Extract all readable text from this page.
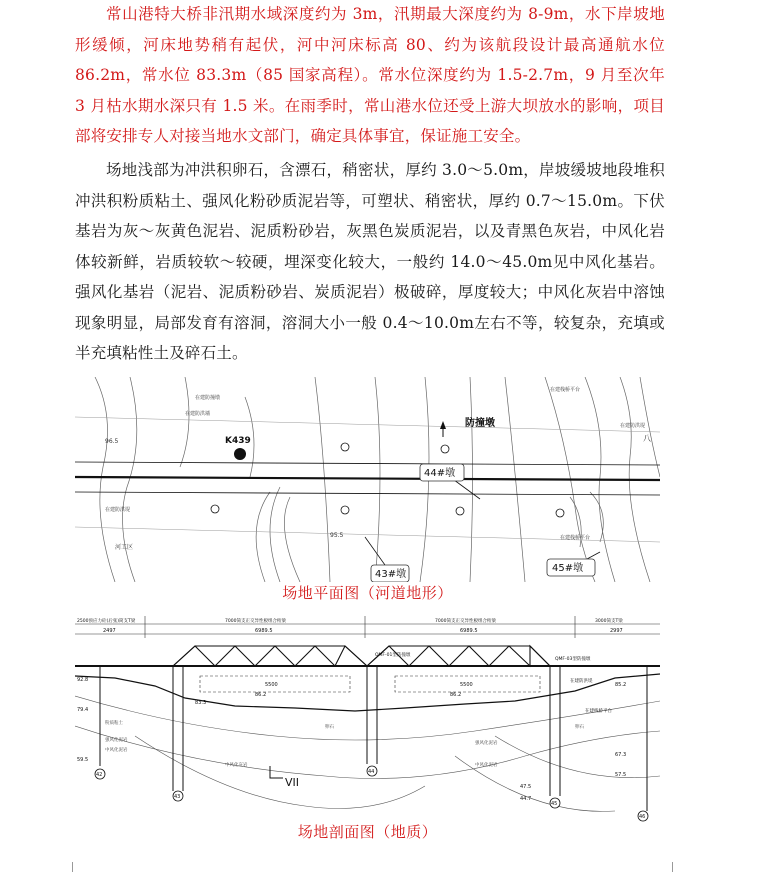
常山港特大桥非汛期水域深度约为 3m，汛期最大深度约为 8-9m，水下岸坡地形缓倾，河床地势稍有起伏，河中河床标高 80、约为该航段设计最高通航水位 86.2m，常水位 83.3m（85 国家高程）。常水位深度约为 1.5-2.7m，9 月至次年 3 月枯水期水深只有 1.5 米。在雨季时，常山港水位还受上游大坝放水的影响，项目部将安排专人对接当地水文部门，确定具体事宜，保证施工安全。

场地浅部为冲洪积卵石，含漂石，稍密状，厚约 3.0～5.0m，岸坡缓坡地段堆积冲洪积粉质粘土、强风化粉砂质泥岩等，可塑状、稍密状，厚约 0.7～15.0m。下伏基岩为灰～灰黄色泥岩、泥质粉砂岩，灰黑色炭质泥岩，以及青黑色灰岩，中风化岩体较新鲜，岩质较软～较硬，埋深变化较大，一般约 14.0～45.0m见中风化基岩。强风化基岩（泥岩、泥质粉砂岩、炭质泥岩）极破碎，厚度较大；中风化灰岩中溶蚀现象明显，局部发育有溶洞，溶洞大小一般 0.4～10.0m左右不等，较复杂，充填或半充填粘性土及碎石土。

K439
防撞墩
在建防撞墩
在建防洪墙
在建栈桥平台
在建防洪堤
在建防洪堤
在建栈桥平台
河工区
96.5
95.5
八
44#墩
43#墩
45#墩
场地平面图（河道地形）
2500预应力砼(后张)简支T梁	7000简支正交异性板组合桁梁	7000简支正交异性板组合桁梁	3000简支T梁
2497	6989.5	6989.5	2997
5500	5500
86.2	86.2
83.3
42
43
44
45
46
VII
92.8
79.4
59.5
47.5
44.7
57.5
67.3
85.2
在建防洪堤
在建栈桥平台
QMF-01型防撞墩
QMF-03型防撞墩
粉质粘土
强风化泥岩
中风化泥岩
中风化灰岩
卵石
强风化泥岩
中风化泥岩
卵石
场地剖面图（地质）
